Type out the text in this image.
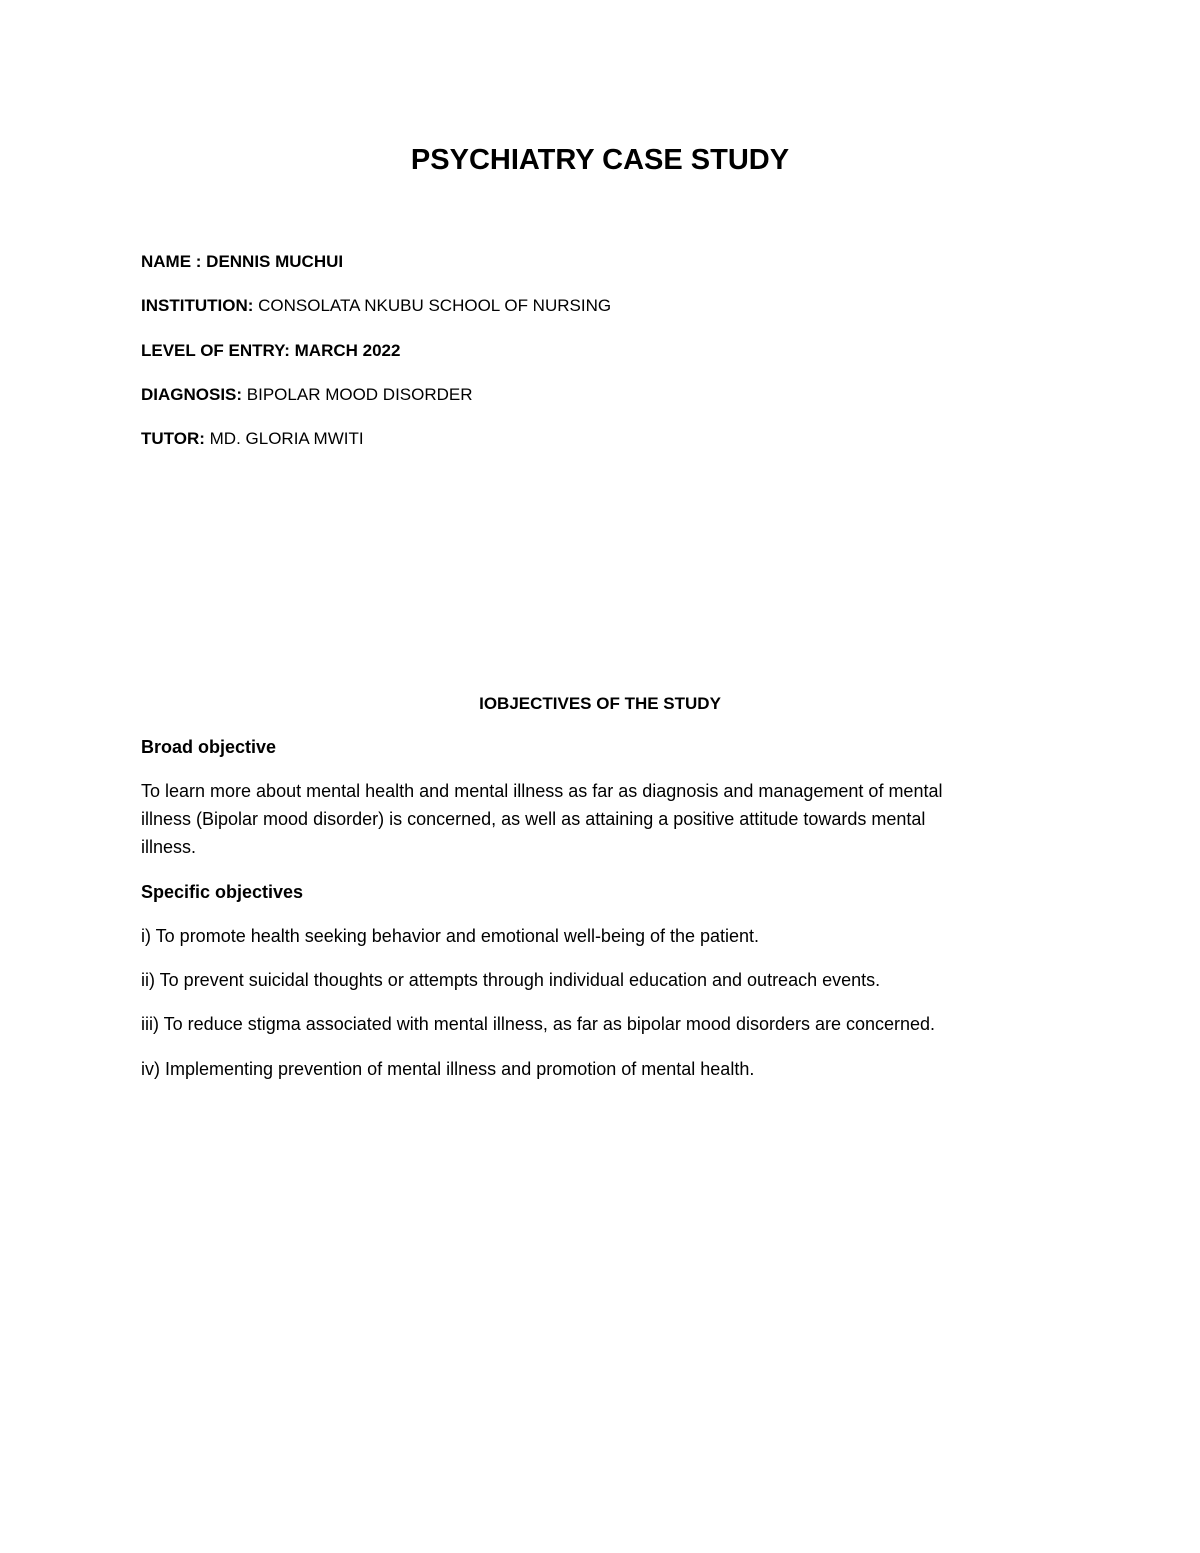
PSYCHIATRY CASE STUDY
NAME : DENNIS MUCHUI
INSTITUTION: CONSOLATA NKUBU SCHOOL OF NURSING
LEVEL OF ENTRY: MARCH 2022
DIAGNOSIS: BIPOLAR MOOD DISORDER
TUTOR: MD. GLORIA MWITI
IOBJECTIVES OF THE STUDY
Broad objective
To learn more about mental health and mental illness as far as diagnosis and management of mental
illness (Bipolar mood disorder) is concerned, as well as attaining a positive attitude towards mental
illness.
Specific objectives
i) To promote health seeking behavior and emotional well-being of the patient.
ii) To prevent suicidal thoughts or attempts through individual education and outreach events.
iii) To reduce stigma associated with mental illness, as far as bipolar mood disorders are concerned.
iv) Implementing prevention of mental illness and promotion of mental health.
